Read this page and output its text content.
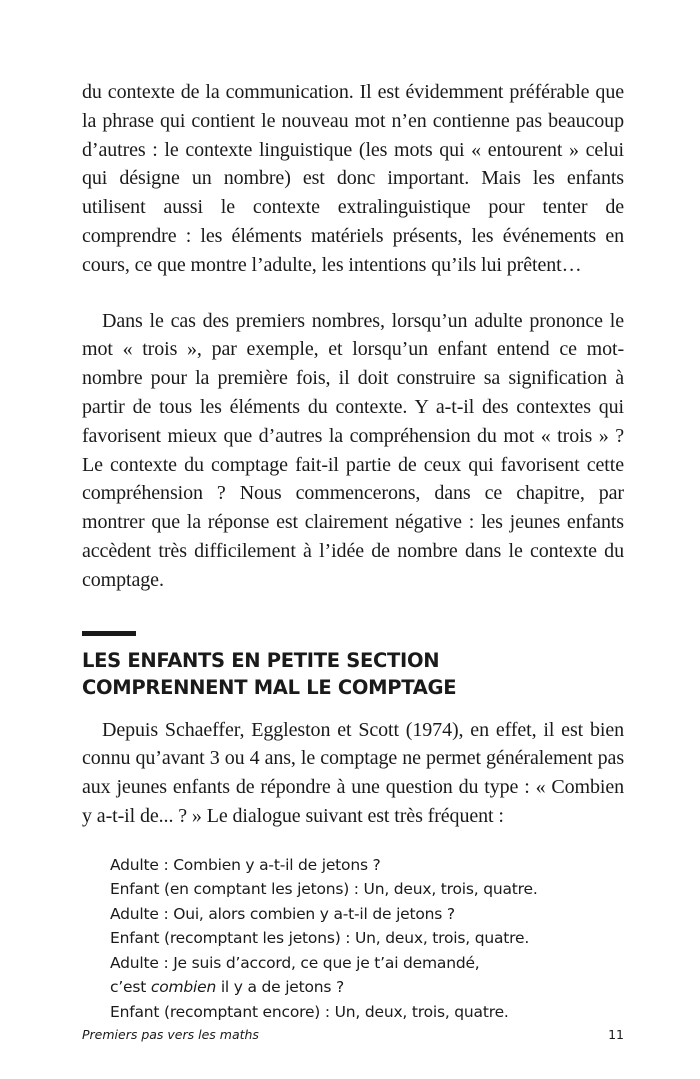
du contexte de la communication. Il est évidemment préférable que la phrase qui contient le nouveau mot n’en contienne pas beaucoup d’autres : le contexte linguistique (les mots qui « entourent » celui qui désigne un nombre) est donc important. Mais les enfants utilisent aussi le contexte extralinguistique pour tenter de comprendre : les éléments matériels présents, les événements en cours, ce que montre l’adulte, les intentions qu’ils lui prêtent…

Dans le cas des premiers nombres, lorsqu’un adulte prononce le mot « trois », par exemple, et lorsqu’un enfant entend ce mot-nombre pour la première fois, il doit construire sa signification à partir de tous les éléments du contexte. Y a-t-il des contextes qui favorisent mieux que d’autres la compréhension du mot « trois » ? Le contexte du comptage fait-il partie de ceux qui favorisent cette compréhension ? Nous commencerons, dans ce chapitre, par montrer que la réponse est clairement négative : les jeunes enfants accèdent très difficilement à l’idée de nombre dans le contexte du comptage.

LES ENFANTS EN PETITE SECTION
COMPRENNENT MAL LE COMPTAGE

Depuis Schaeffer, Eggleston et Scott (1974), en effet, il est bien connu qu’avant 3 ou 4 ans, le comptage ne permet généralement pas aux jeunes enfants de répondre à une question du type : « Combien y a-t-il de... ? » Le dialogue suivant est très fréquent :

Adulte : Combien y a-t-il de jetons ?

Enfant (en comptant les jetons) : Un, deux, trois, quatre.

Adulte : Oui, alors combien y a-t-il de jetons ?

Enfant (recomptant les jetons) : Un, deux, trois, quatre.

Adulte : Je suis d’accord, ce que je t’ai demandé,

c’est combien il y a de jetons ?

Enfant (recomptant encore) : Un, deux, trois, quatre.

Premiers pas vers les maths	11
